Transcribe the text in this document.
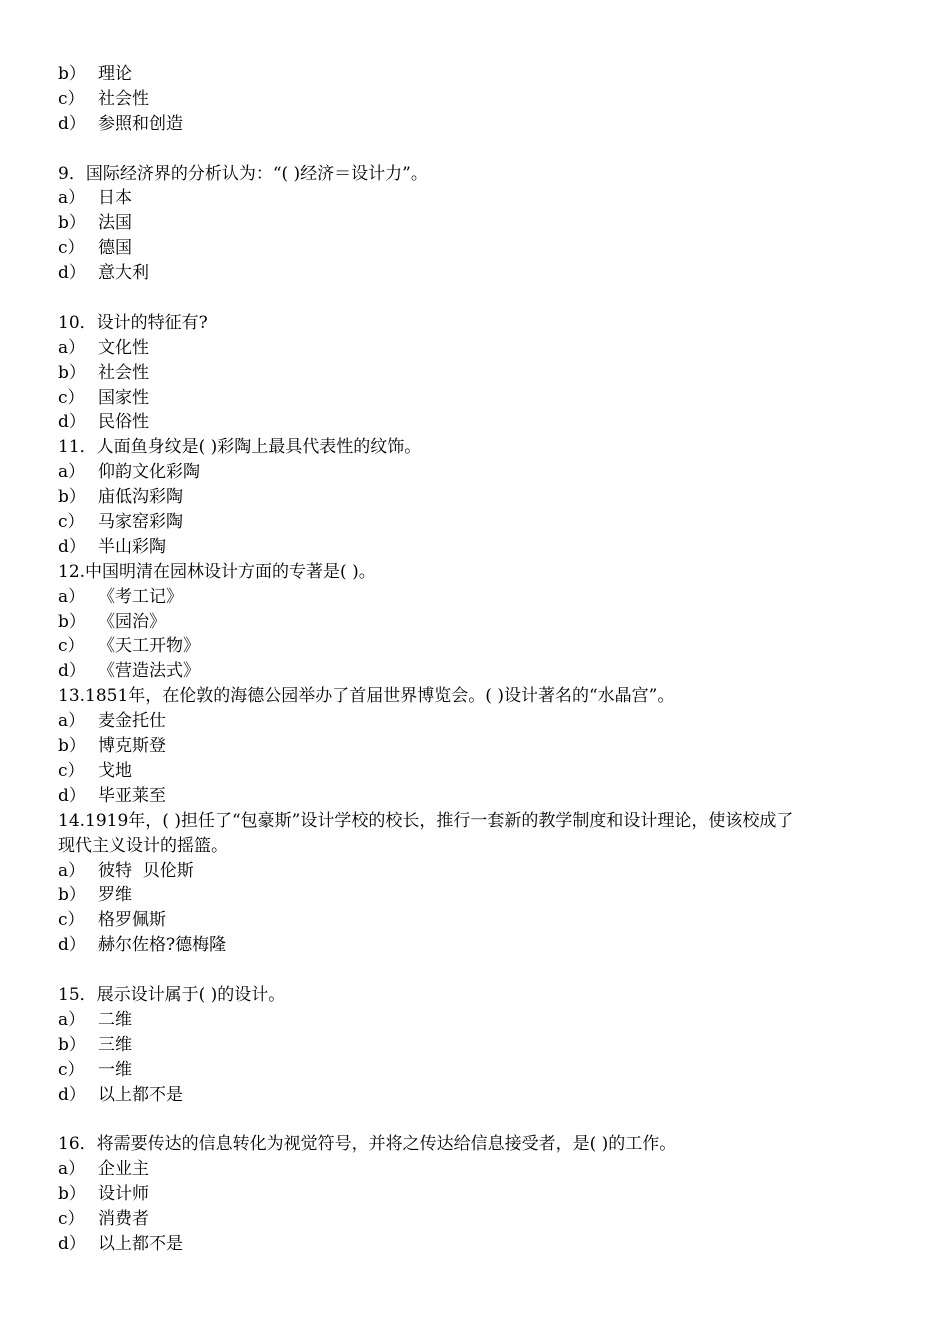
b） 理论
c） 社会性
d） 参照和创造
9．国际经济界的分析认为：“( )经济＝设计力”。
a） 日本
b） 法国
c） 德国
d） 意大利
10．设计的特征有?
a） 文化性
b） 社会性
c） 国家性
d） 民俗性
11．人面鱼身纹是( )彩陶上最具代表性的纹饰。
a） 仰韵文化彩陶
b） 庙低沟彩陶
c） 马家窑彩陶
d） 半山彩陶
12.中国明清在园林设计方面的专著是( )。
a） 《考工记》
b） 《园治》
c） 《天工开物》
d） 《营造法式》
13.1851年，在伦敦的海德公园举办了首届世界博览会。( )设计著名的“水晶宫”。
a） 麦金托仕
b） 博克斯登
c） 戈地
d） 毕亚莱至
14.1919年，( )担任了“包豪斯”设计学校的校长，推行一套新的教学制度和设计理论，使该校成了
现代主义设计的摇篮。
a） 彼特  贝伦斯
b） 罗维
c） 格罗佩斯
d） 赫尔佐格?德梅隆
15．展示设计属于( )的设计。
a） 二维
b） 三维
c） 一维
d） 以上都不是
16．将需要传达的信息转化为视觉符号，并将之传达给信息接受者，是( )的工作。
a） 企业主
b） 设计师
c） 消费者
d） 以上都不是
